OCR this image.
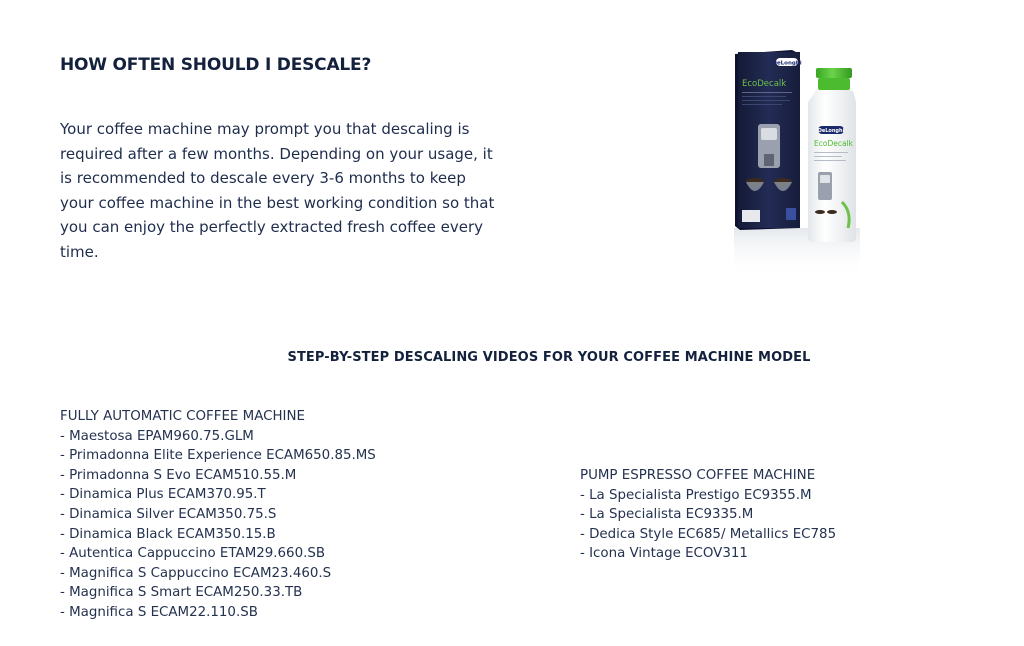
HOW OFTEN SHOULD I DESCALE?

Your coffee machine may prompt you that descaling is required after a few months. Depending on your usage, it is recommended to descale every 3-6 months to keep your coffee machine in the best working condition so that you can enjoy the perfectly extracted fresh coffee every time.

DeLonghi
EcoDecalk
DeLonghi
EcoDecalk
STEP-BY-STEP DESCALING VIDEOS FOR YOUR COFFEE MACHINE MODEL
FULLY AUTOMATIC COFFEE MACHINE
- Maestosa EPAM960.75.GLM
- Primadonna Elite Experience ECAM650.85.MS
- Primadonna S Evo ECAM510.55.M
- Dinamica Plus ECAM370.95.T
- Dinamica Silver ECAM350.75.S
- Dinamica Black ECAM350.15.B
- Autentica Cappuccino ETAM29.660.SB
- Magnifica S Cappuccino ECAM23.460.S
- Magnifica S Smart ECAM250.33.TB
- Magnifica S ECAM22.110.SB
PUMP ESPRESSO COFFEE MACHINE
- La Specialista Prestigo EC9355.M
- La Specialista EC9335.M
- Dedica Style EC685/ Metallics EC785
- Icona Vintage ECOV311
